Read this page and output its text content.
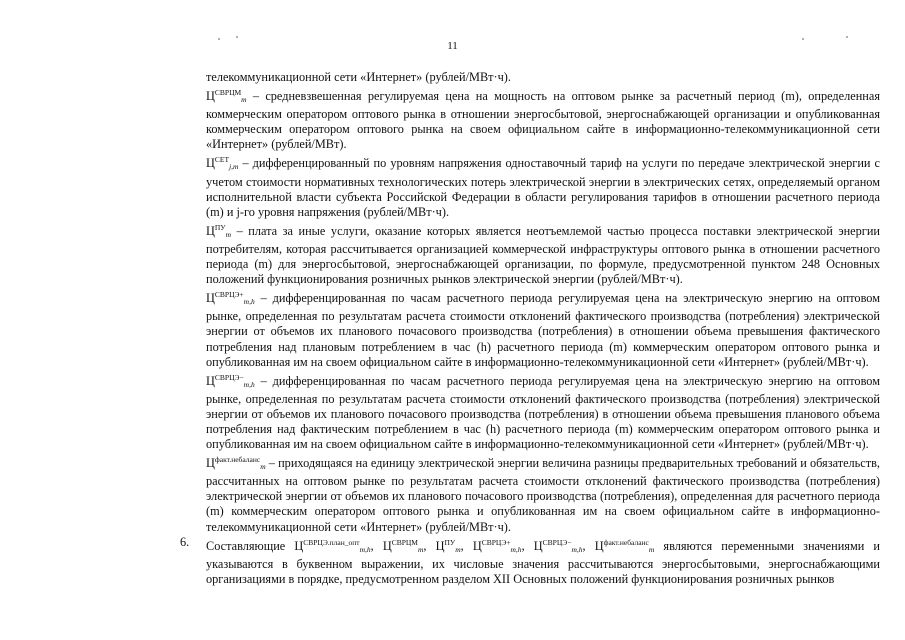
11

телекоммуникационной сети «Интернет» (рублей/МВт·ч).

$Ц^{СВРЦМ}_m$ – средневзвешенная регулируемая цена на мощность на оптовом рынке за расчетный период (m), определенная коммерческим оператором оптового рынка в отношении энергосбытовой, энергоснабжающей организации и опубликованная коммерческим оператором оптового рынка на своем официальном сайте в информационно-телекоммуникационной сети «Интернет» (рублей/МВт).

$Ц^{СЕТ}_{j,m}$ – дифференцированный по уровням напряжения одноставочный тариф на услуги по передаче электрической энергии с учетом стоимости нормативных технологических потерь электрической энергии в электрических сетях, определяемый органом исполнительной власти субъекта Российской Федерации в области регулирования тарифов в отношении расчетного периода (m) и j-го уровня напряжения (рублей/МВт·ч).

$Ц^{ПУ}_m$ – плата за иные услуги, оказание которых является неотъемлемой частью процесса поставки электрической энергии потребителям, которая рассчитывается организацией коммерческой инфраструктуры оптового рынка в отношении расчетного периода (m) для энергосбытовой, энергоснабжающей организации, по формуле, предусмотренной пунктом 248 Основных положений функционирования розничных рынков электрической энергии (рублей/МВт·ч).

$Ц^{СВРЦЭ+}_{m,h}$ – дифференцированная по часам расчетного периода регулируемая цена на электрическую энергию на оптовом рынке, определенная по результатам расчета стоимости отклонений фактического производства (потребления) электрической энергии от объемов их планового почасового производства (потребления) в отношении объема превышения фактического потребления над плановым потреблением в час (h) расчетного периода (m) коммерческим оператором оптового рынка и опубликованная им на своем официальном сайте в информационно-телекоммуникационной сети «Интернет» (рублей/МВт·ч).

$Ц^{СВРЦЭ-}_{m,h}$ – дифференцированная по часам расчетного периода регулируемая цена на электрическую энергию на оптовом рынке, определенная по результатам расчета стоимости отклонений фактического производства (потребления) электрической энергии от объемов их планового почасового производства (потребления) в отношении объема превышения планового объема потребления над фактическим потреблением в час (h) расчетного периода (m) коммерческим оператором оптового рынка и опубликованная им на своем официальном сайте в информационно-телекоммуникационной сети «Интернет» (рублей/МВт·ч).

$Ц^{факт.небаланс}_m$ – приходящаяся на единицу электрической энергии величина разницы предварительных требований и обязательств, рассчитанных на оптовом рынке по результатам расчета стоимости отклонений фактического производства (потребления) электрической энергии от объемов их планового почасового производства (потребления), определенная для расчетного периода (m) коммерческим оператором оптового рынка и опубликованная им на своем официальном сайте в информационно-телекоммуникационной сети «Интернет» (рублей/МВт·ч).

6. Составляющие $Ц^{СВРЦЭ.план\_опт}_{m,h}$, $Ц^{СВРЦМ}_m$, $Ц^{ПУ}_m$, $Ц^{СВРЦЭ+}_{m,h}$, $Ц^{СВРЦЭ-}_{m,h}$, $Ц^{факт.небаланс}_m$ являются переменными значениями и указываются в буквенном выражении, их числовые значения рассчитываются энергосбытовыми, энергоснабжающими организациями в порядке, предусмотренном разделом XII Основных положений функционирования розничных рынков
